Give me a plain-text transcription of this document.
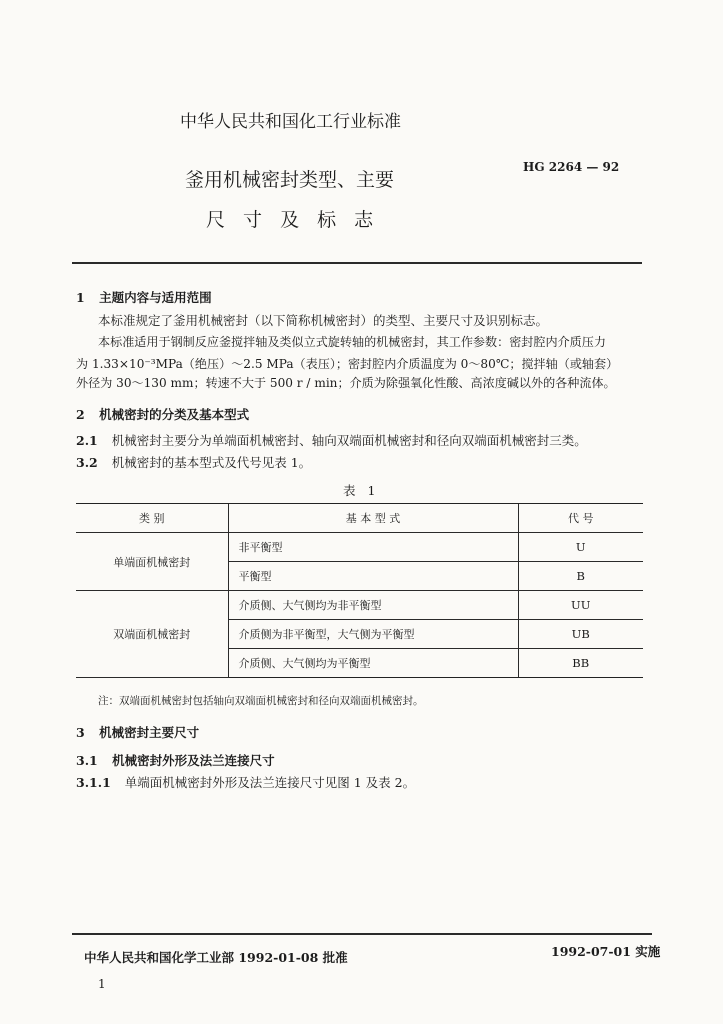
中华人民共和国化工行业标准
釜用机械密封类型、主要
HG 2264 — 92
尺 寸 及 标 志
1 主题内容与适用范围
本标准规定了釜用机械密封（以下简称机械密封）的类型、主要尺寸及识别标志。
本标准适用于钢制反应釜搅拌轴及类似立式旋转轴的机械密封，其工作参数：密封腔内介质压力
为 1.33×10⁻³MPa（绝压）～2.5 MPa（表压）；密封腔内介质温度为 0～80℃；搅拌轴（或轴套）
外径为 30～130 mm；转速不大于 500 r / min；介质为除强氧化性酸、高浓度碱以外的各种流体。
2 机械密封的分类及基本型式
2.1 机械密封主要分为单端面机械密封、轴向双端面机械密封和径向双端面机械密封三类。
3.2 机械密封的基本型式及代号见表 1。
表 1
类 别	基 本 型 式	代 号
单端面机械密封	非平衡型	U
	平衡型	B
双端面机械密封	介质侧、大气侧均为非平衡型	UU
	介质侧为非平衡型，大气侧为平衡型	UB
	介质侧、大气侧均为平衡型	BB
注：双端面机械密封包括轴向双端面机械密封和径向双端面机械密封。
3 机械密封主要尺寸
3.1 机械密封外形及法兰连接尺寸
3.1.1 单端面机械密封外形及法兰连接尺寸见图 1 及表 2。
中华人民共和国化学工业部 1992-01-08 批准	1992-07-01 实施
1
